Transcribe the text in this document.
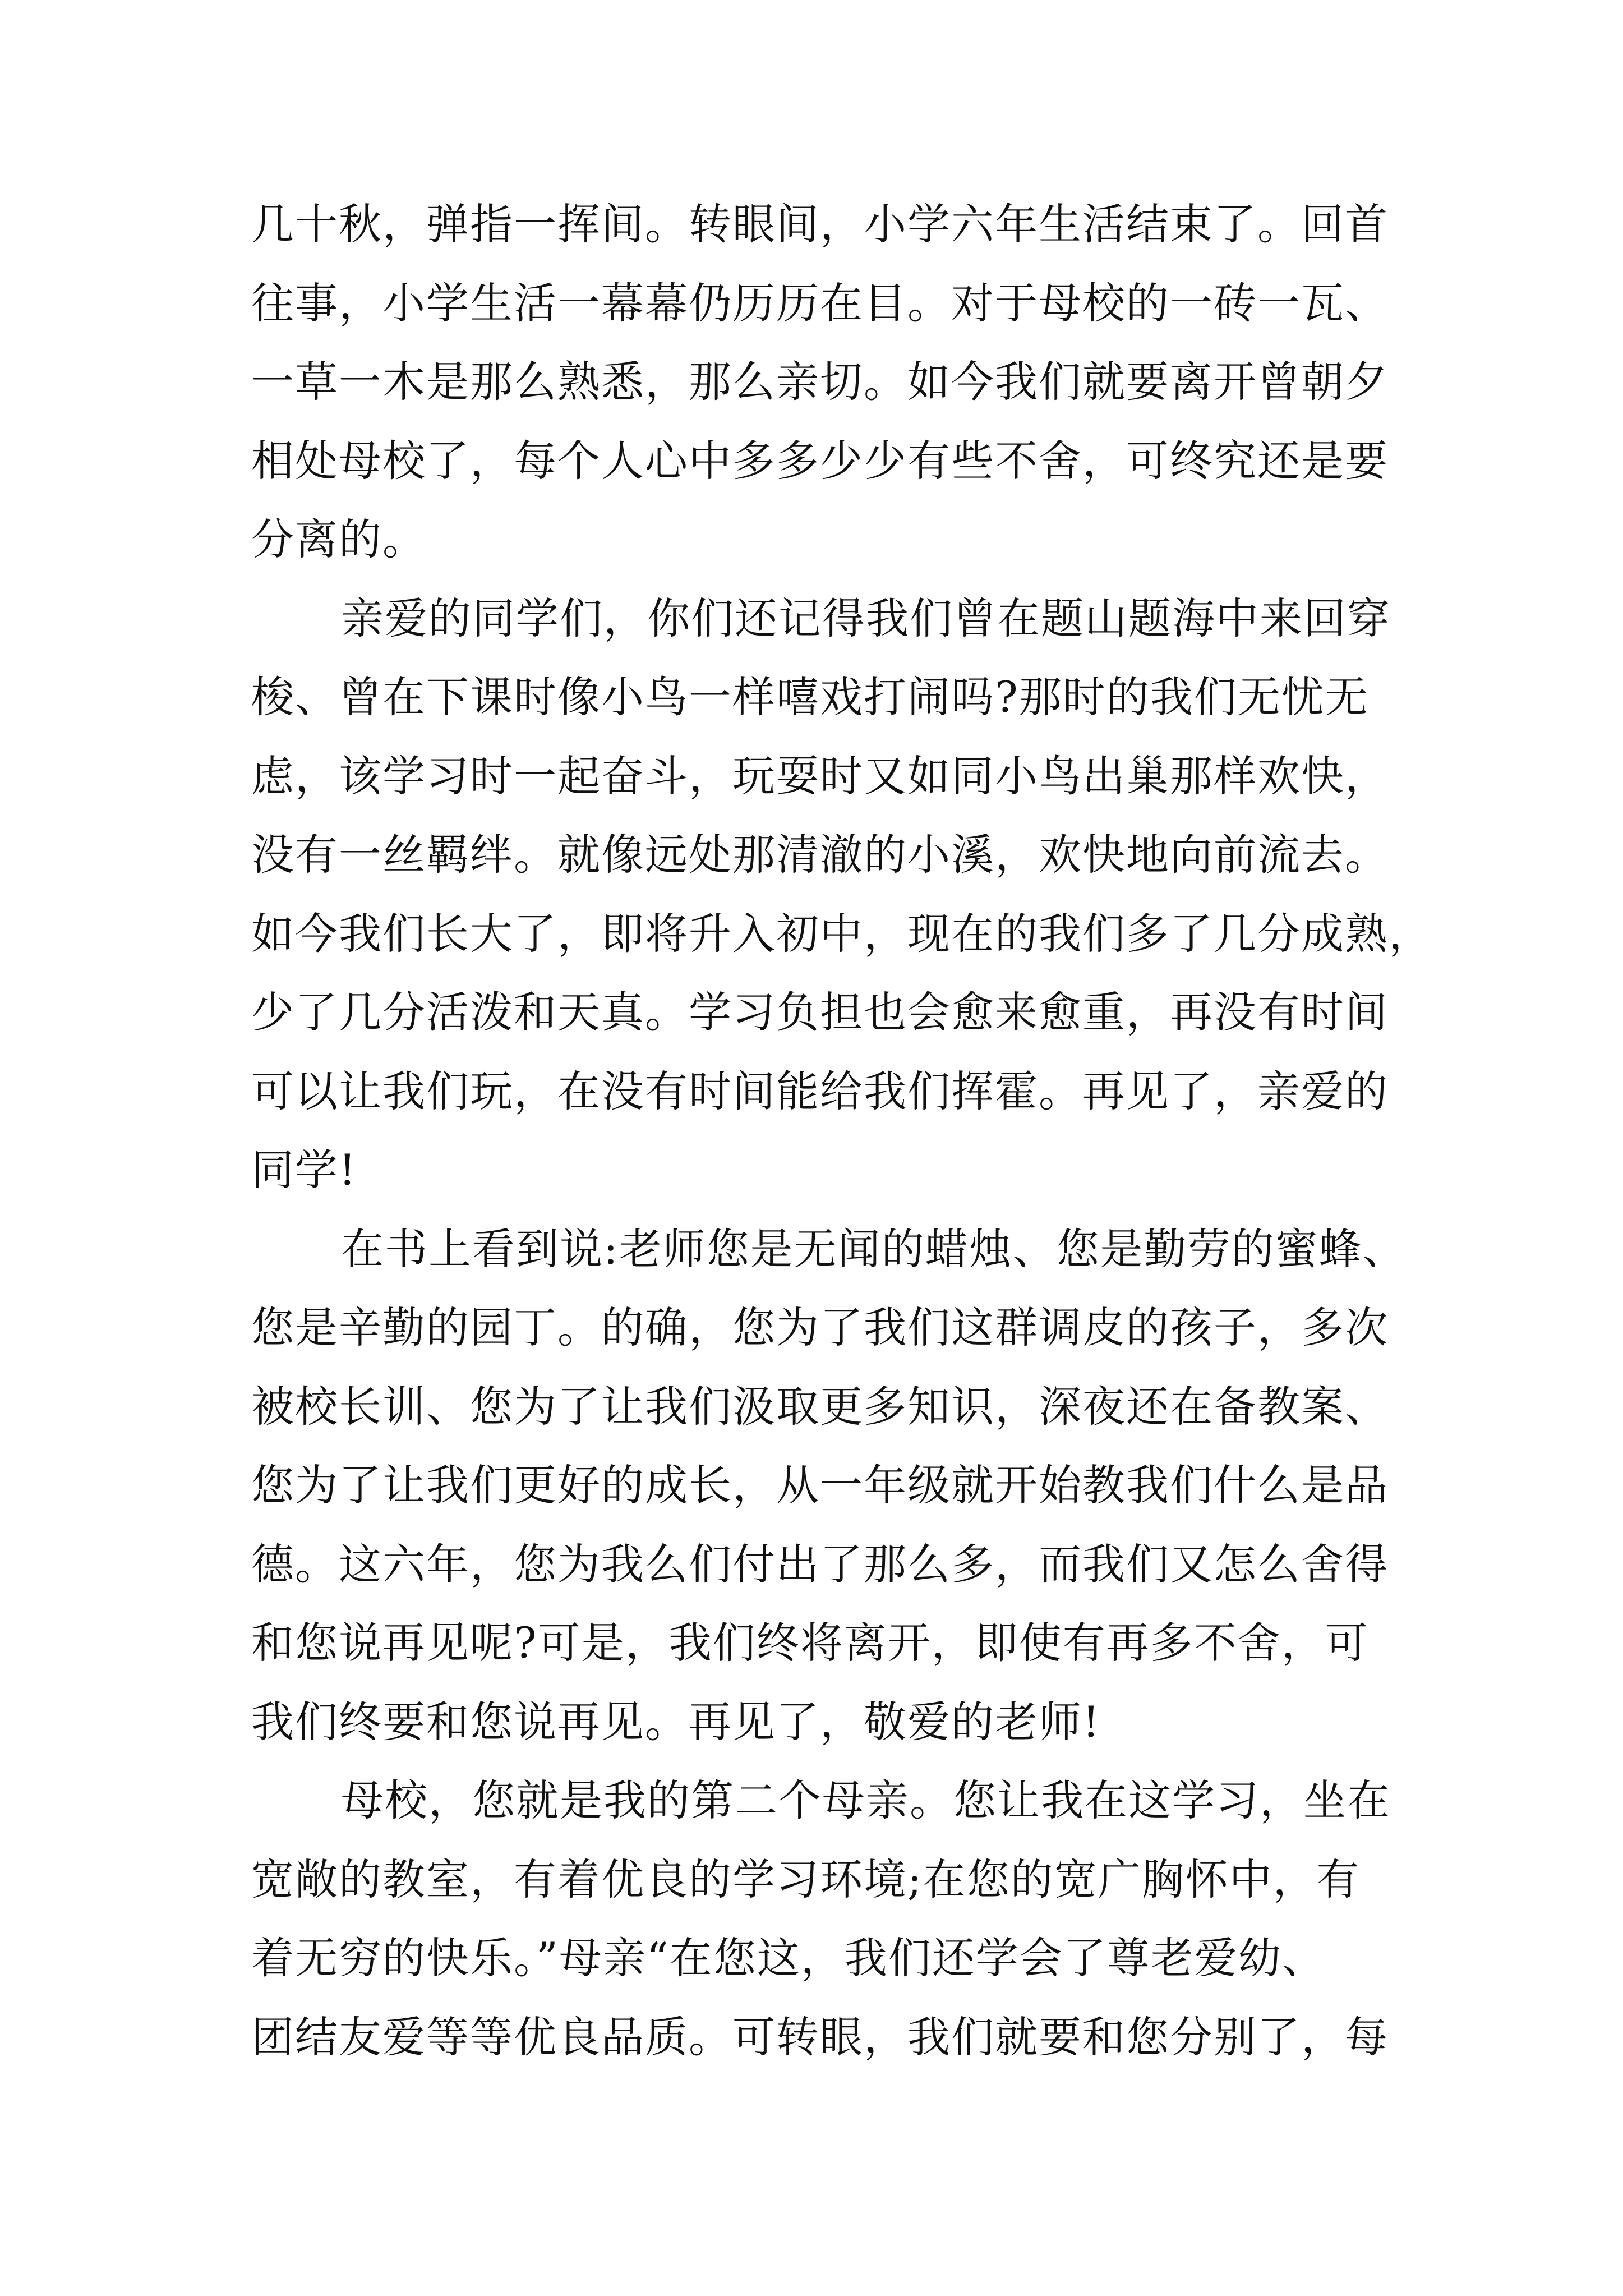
几十秋，弹指一挥间。转眼间，小学六年生活结束了。回首
往事，小学生活一幕幕仍历历在目。对于母校的一砖一瓦、
一草一木是那么熟悉，那么亲切。如今我们就要离开曾朝夕
相处母校了，每个人心中多多少少有些不舍，可终究还是要
分离的。
亲爱的同学们，你们还记得我们曾在题山题海中来回穿
梭、曾在下课时像小鸟一样嘻戏打闹吗?那时的我们无忧无
虑，该学习时一起奋斗，玩耍时又如同小鸟出巢那样欢快，
没有一丝羁绊。就像远处那清澈的小溪，欢快地向前流去。
如今我们长大了，即将升入初中，现在的我们多了几分成熟，
少了几分活泼和天真。学习负担也会愈来愈重，再没有时间
可以让我们玩，在没有时间能给我们挥霍。再见了，亲爱的
同学!
在书上看到说:老师您是无闻的蜡烛、您是勤劳的蜜蜂、
您是辛勤的园丁。的确，您为了我们这群调皮的孩子，多次
被校长训、您为了让我们汲取更多知识，深夜还在备教案、
您为了让我们更好的成长，从一年级就开始教我们什么是品
德。这六年，您为我么们付出了那么多，而我们又怎么舍得
和您说再见呢?可是，我们终将离开，即使有再多不舍，可
我们终要和您说再见。再见了，敬爱的老师!
母校，您就是我的第二个母亲。您让我在这学习，坐在
宽敞的教室，有着优良的学习环境;在您的宽广胸怀中，有
着无穷的快乐。”母亲“在您这，我们还学会了尊老爱幼、
团结友爱等等优良品质。可转眼，我们就要和您分别了，每
